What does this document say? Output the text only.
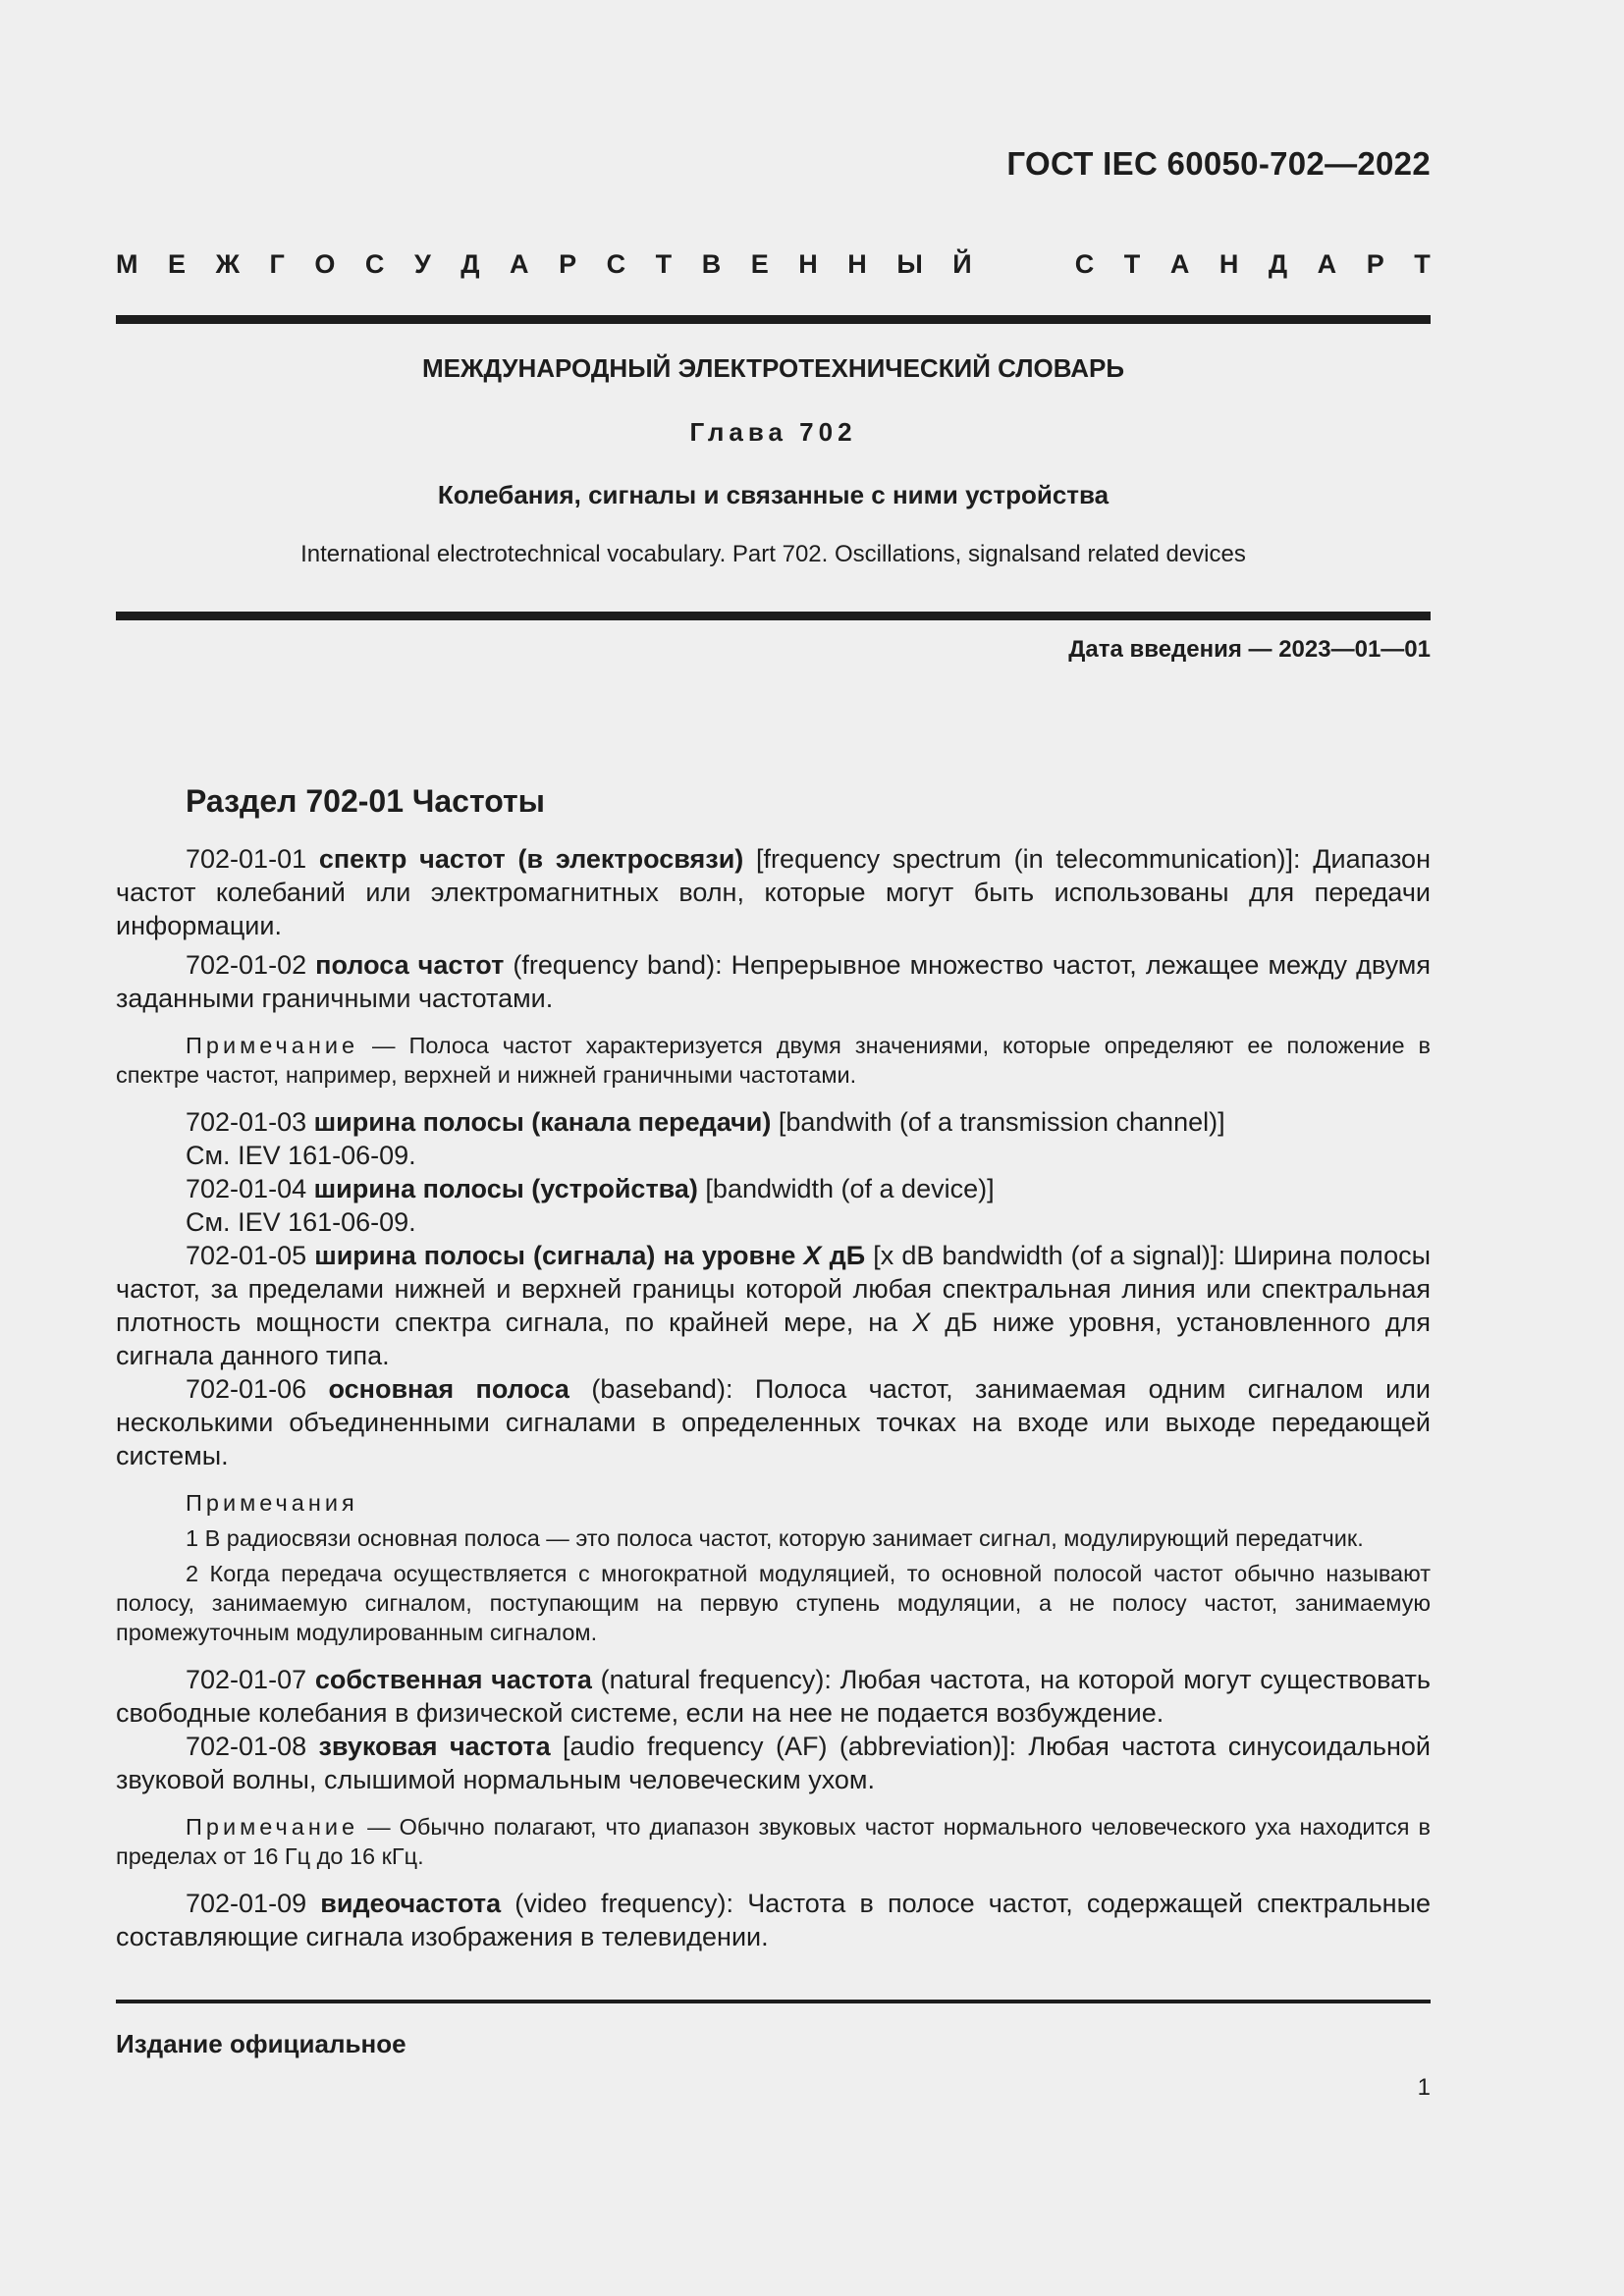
ГОСТ IEC 60050-702—2022
М Е Ж Г О С У Д А Р С Т В Е Н Н Ы Й	С Т А Н Д А Р Т
МЕЖДУНАРОДНЫЙ ЭЛЕКТРОТЕХНИЧЕСКИЙ СЛОВАРЬ
Глава 702
Колебания, сигналы и связанные с ними устройства
International electrotechnical vocabulary. Part 702. Oscillations, signalsand related devices
Дата введения — 2023—01—01
Раздел 702-01 Частоты

702-01-01 спектр частот (в электросвязи) [frequency spectrum (in telecommunication)]: Диапазон частот колебаний или электромагнитных волн, которые могут быть использованы для передачи информации.

702-01-02 полоса частот (frequency band): Непрерывное множество частот, лежащее между двумя заданными граничными частотами.

Примечание — Полоса частот характеризуется двумя значениями, которые определяют ее положение в спектре частот, например, верхней и нижней граничными частотами.

702-01-03 ширина полосы (канала передачи) [bandwith (of a transmission channel)]

См. IEV 161-06-09.

702-01-04 ширина полосы (устройства) [bandwidth (of a device)]

См. IEV 161-06-09.

702-01-05 ширина полосы (сигнала) на уровне X дБ [x dB bandwidth (of a signal)]: Ширина полосы частот, за пределами нижней и верхней границы которой любая спектральная линия или спектральная плотность мощности спектра сигнала, по крайней мере, на X дБ ниже уровня, установленного для сигнала данного типа.

702-01-06 основная полоса (baseband): Полоса частот, занимаемая одним сигналом или несколькими объединенными сигналами в определенных точках на входе или выходе передающей системы.

Примечания

1 В радиосвязи основная полоса — это полоса частот, которую занимает сигнал, модулирующий передатчик.

2 Когда передача осуществляется с многократной модуляцией, то основной полосой частот обычно называют полосу, занимаемую сигналом, поступающим на первую ступень модуляции, а не полосу частот, занимаемую промежуточным модулированным сигналом.

702-01-07 собственная частота (natural frequency): Любая частота, на которой могут существовать свободные колебания в физической системе, если на нее не подается возбуждение.

702-01-08 звуковая частота [audio frequency (AF) (abbreviation)]: Любая частота синусоидальной звуковой волны, слышимой нормальным человеческим ухом.

Примечание — Обычно полагают, что диапазон звуковых частот нормального человеческого уха находится в пределах от 16 Гц до 16 кГц.

702-01-09 видеочастота (video frequency): Частота в полосе частот, содержащей спектральные составляющие сигнала изображения в телевидении.

Издание официальное
1
